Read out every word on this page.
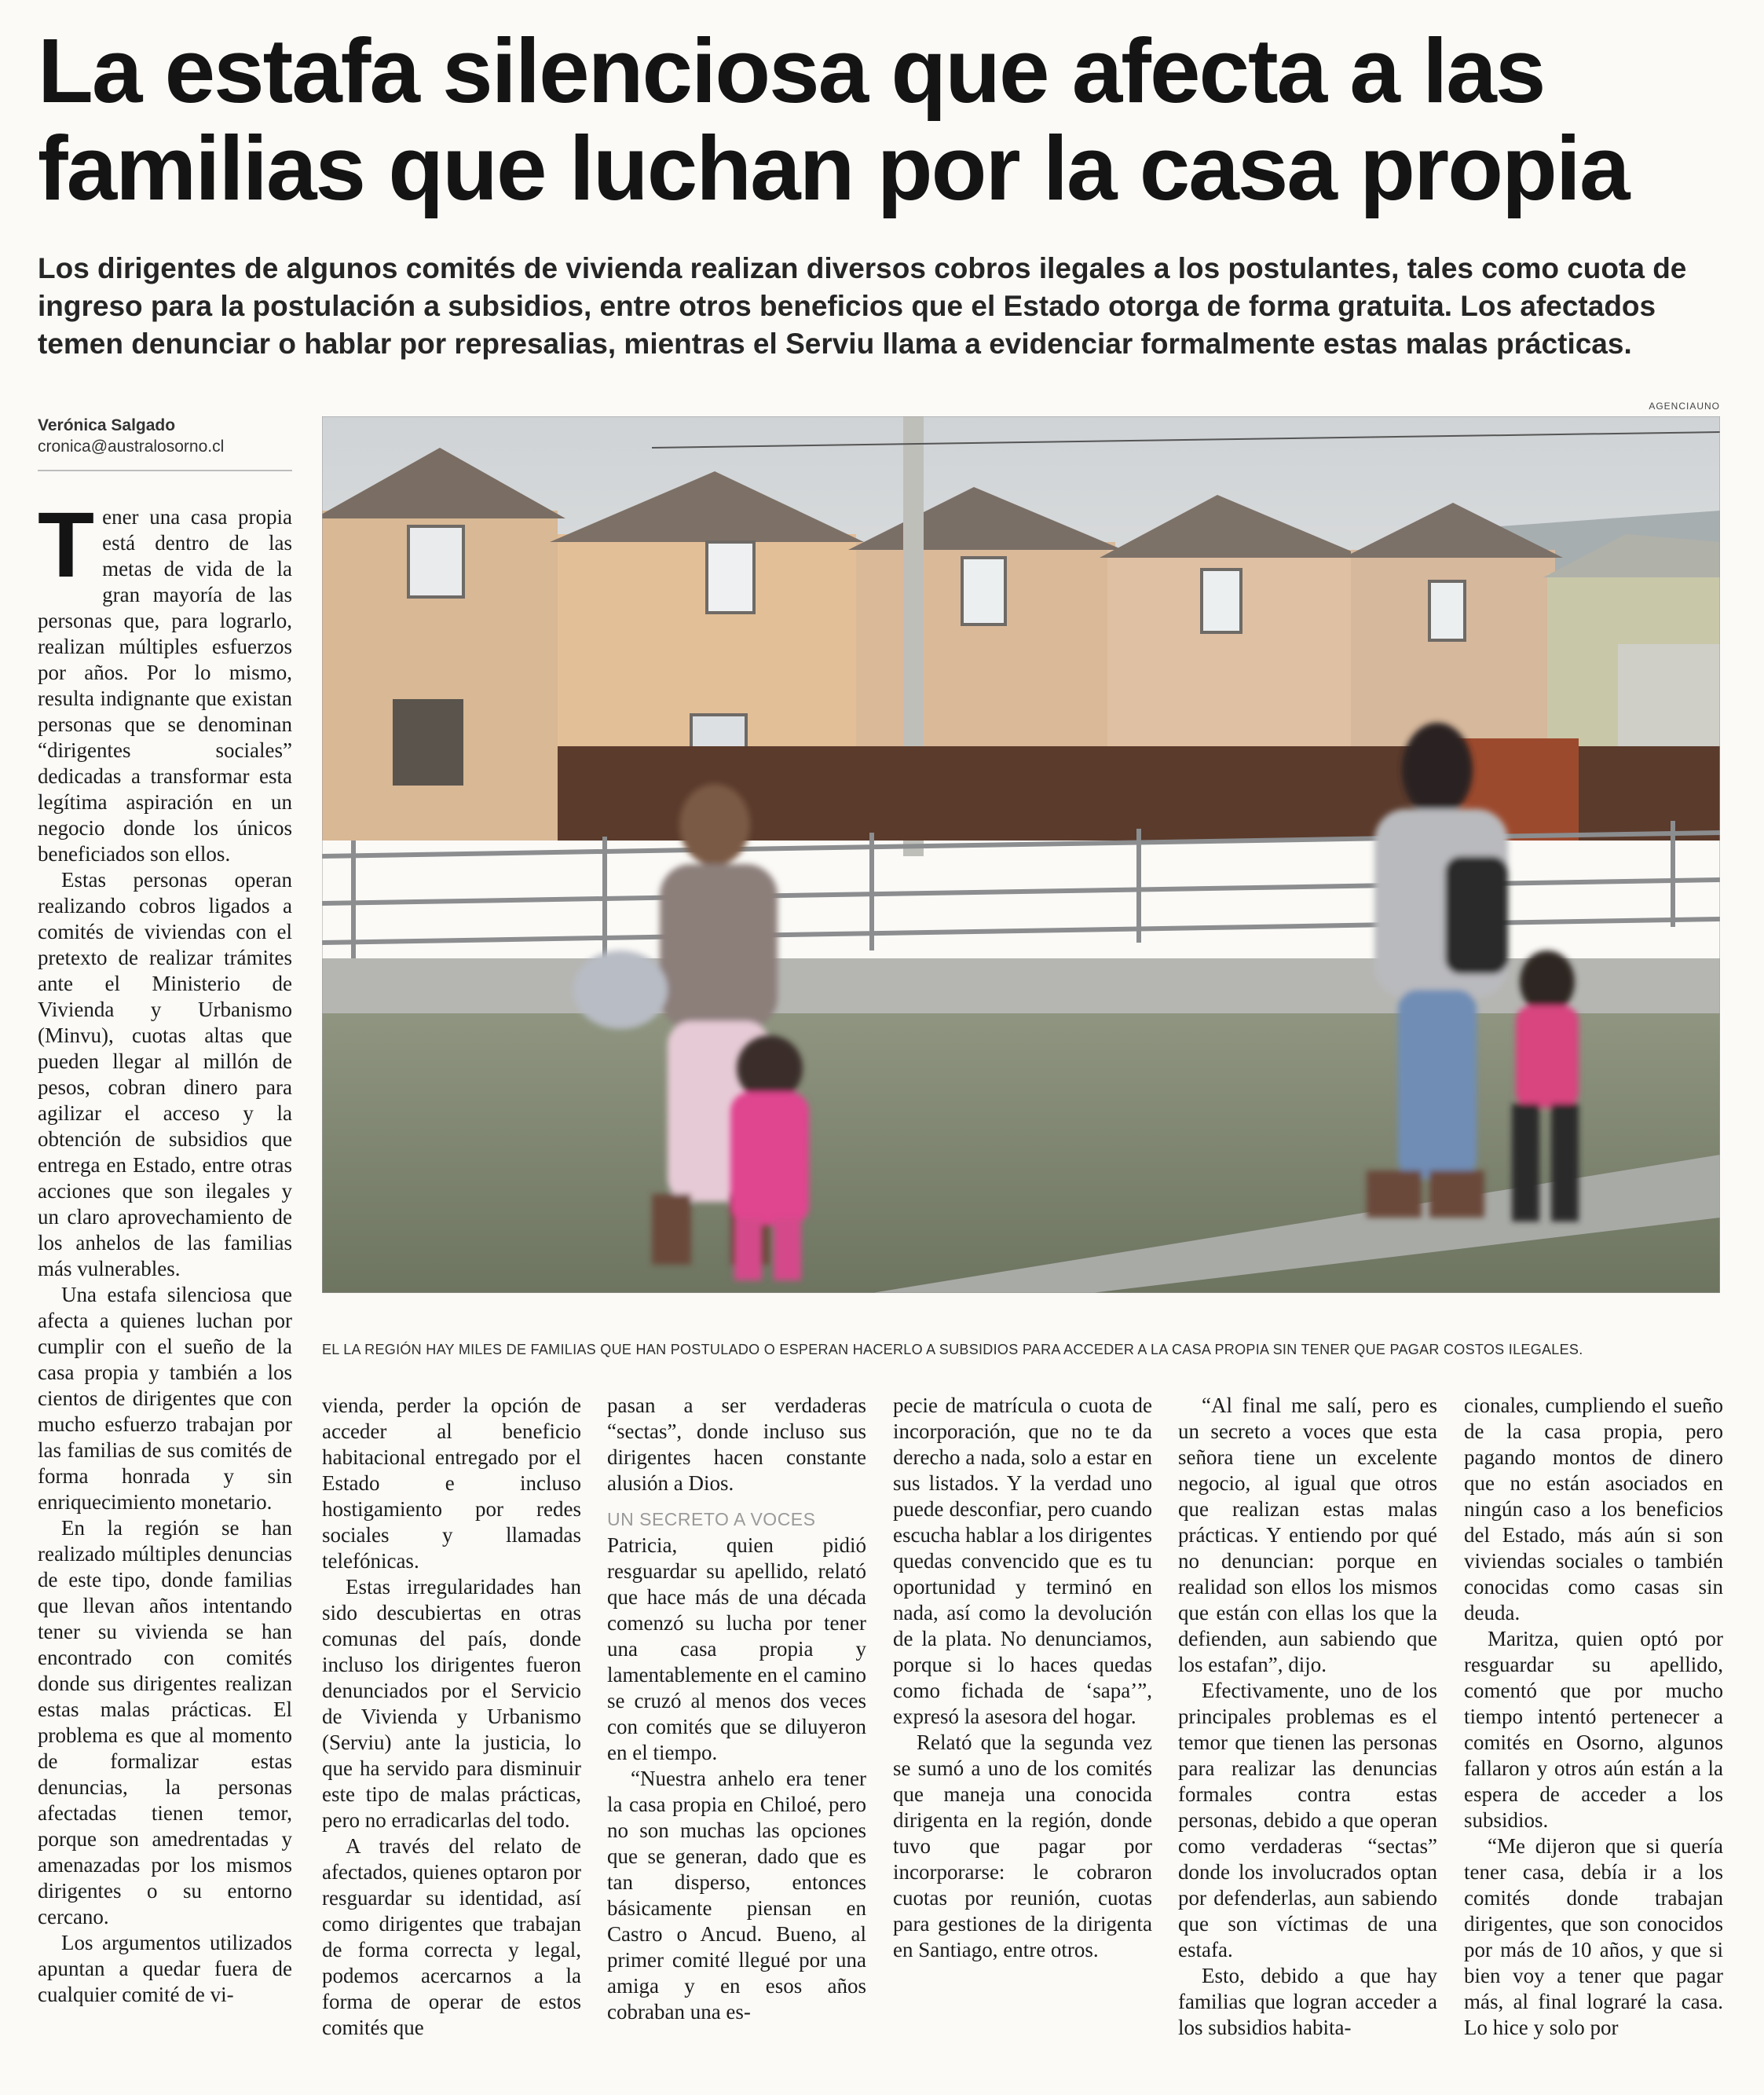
La estafa silenciosa que afecta a las familias que luchan por la casa propia

Los dirigentes de algunos comités de vivienda realizan diversos cobros ilegales a los postulantes, tales como cuota de ingreso para la postulación a subsidios, entre otros beneficios que el Estado otorga de forma gratuita. Los afectados temen denunciar o hablar por represalias, mientras el Serviu llama a evidenciar formalmente estas malas prácticas.

Verónica Salgado
cronica@australosorno.cl
AGENCIAUNO
EL LA REGIÓN HAY MILES DE FAMILIAS QUE HAN POSTULADO O ESPERAN HACERLO A SUBSIDIOS PARA ACCEDER A LA CASA PROPIA SIN TENER QUE PAGAR COSTOS ILEGALES.

Tener una casa propia está dentro de las metas de vida de la gran mayoría de las personas que, para lograrlo, realizan múltiples esfuerzos por años. Por lo mismo, resulta indignante que existan personas que se denominan “dirigentes sociales” dedicadas a transformar esta legítima aspiración en un negocio donde los únicos beneficiados son ellos.

Estas personas operan realizando cobros ligados a comités de viviendas con el pretexto de realizar trámites ante el Ministerio de Vivienda y Urbanismo (Minvu), cuotas altas que pueden llegar al millón de pesos, cobran dinero para agilizar el acceso y la obtención de subsidios que entrega en Estado, entre otras acciones que son ilegales y un claro aprovechamiento de los anhelos de las familias más vulnerables.

Una estafa silenciosa que afecta a quienes luchan por cumplir con el sueño de la casa propia y también a los cientos de dirigentes que con mucho esfuerzo trabajan por las familias de sus comités de forma honrada y sin enriquecimiento monetario.

En la región se han realizado múltiples denuncias de este tipo, donde familias que llevan años intentando tener su vivienda se han encontrado con comités donde sus dirigentes realizan estas malas prácticas. El problema es que al momento de formalizar estas denuncias, la personas afectadas tienen temor, porque son amedrentadas y amenazadas por los mismos dirigentes o su entorno cercano.

Los argumentos utilizados apuntan a quedar fuera de cualquier comité de vi-

vienda, perder la opción de acceder al beneficio habitacional entregado por el Estado e incluso hostigamiento por redes sociales y llamadas telefónicas.

Estas irregularidades han sido descubiertas en otras comunas del país, donde incluso los dirigentes fueron denunciados por el Servicio de Vivienda y Urbanismo (Serviu) ante la justicia, lo que ha servido para disminuir este tipo de malas prácticas, pero no erradicarlas del todo.

A través del relato de afectados, quienes optaron por resguardar su identidad, así como dirigentes que trabajan de forma correcta y legal, podemos acercarnos a la forma de operar de estos comités que

pasan a ser verdaderas “sectas”, donde incluso sus dirigentes hacen constante alusión a Dios.

UN SECRETO A VOCES

Patricia, quien pidió resguardar su apellido, relató que hace más de una década comenzó su lucha por tener una casa propia y lamentablemente en el camino se cruzó al menos dos veces con comités que se diluyeron en el tiempo.

“Nuestra anhelo era tener la casa propia en Chiloé, pero no son muchas las opciones que se generan, dado que es tan disperso, entonces básicamente piensan en Castro o Ancud. Bueno, al primer comité llegué por una amiga y en esos años cobraban una es-

pecie de matrícula o cuota de incorporación, que no te da derecho a nada, solo a estar en sus listados. Y la verdad uno puede desconfiar, pero cuando escucha hablar a los dirigentes quedas convencido que es tu oportunidad y terminó en nada, así como la devolución de la plata. No denunciamos, porque si lo haces quedas como fichada de ‘sapa’”, expresó la asesora del hogar.

Relató que la segunda vez se sumó a uno de los comités que maneja una conocida dirigenta en la región, donde tuvo que pagar por incorporarse: le cobraron cuotas por reunión, cuotas para gestiones de la dirigenta en Santiago, entre otros.

“Al final me salí, pero es un secreto a voces que esta señora tiene un excelente negocio, al igual que otros que realizan estas malas prácticas. Y entiendo por qué no denuncian: porque en realidad son ellos los mismos que están con ellas los que la defienden, aun sabiendo que los estafan”, dijo.

Efectivamente, uno de los principales problemas es el temor que tienen las personas para realizar las denuncias formales contra estas personas, debido a que operan como verdaderas “sectas” donde los involucrados optan por defenderlas, aun sabiendo que son víctimas de una estafa.

Esto, debido a que hay familias que logran acceder a los subsidios habita-

cionales, cumpliendo el sueño de la casa propia, pero pagando montos de dinero que no están asociados en ningún caso a los beneficios del Estado, más aún si son viviendas sociales o también conocidas como casas sin deuda.

Maritza, quien optó por resguardar su apellido, comentó que por mucho tiempo intentó pertenecer a comités en Osorno, algunos fallaron y otros aún están a la espera de acceder a los subsidios.

“Me dijeron que si quería tener casa, debía ir a los comités donde trabajan dirigentes, que son conocidos por más de 10 años, y que si bien voy a tener que pagar más, al final lograré la casa. Lo hice y solo por
